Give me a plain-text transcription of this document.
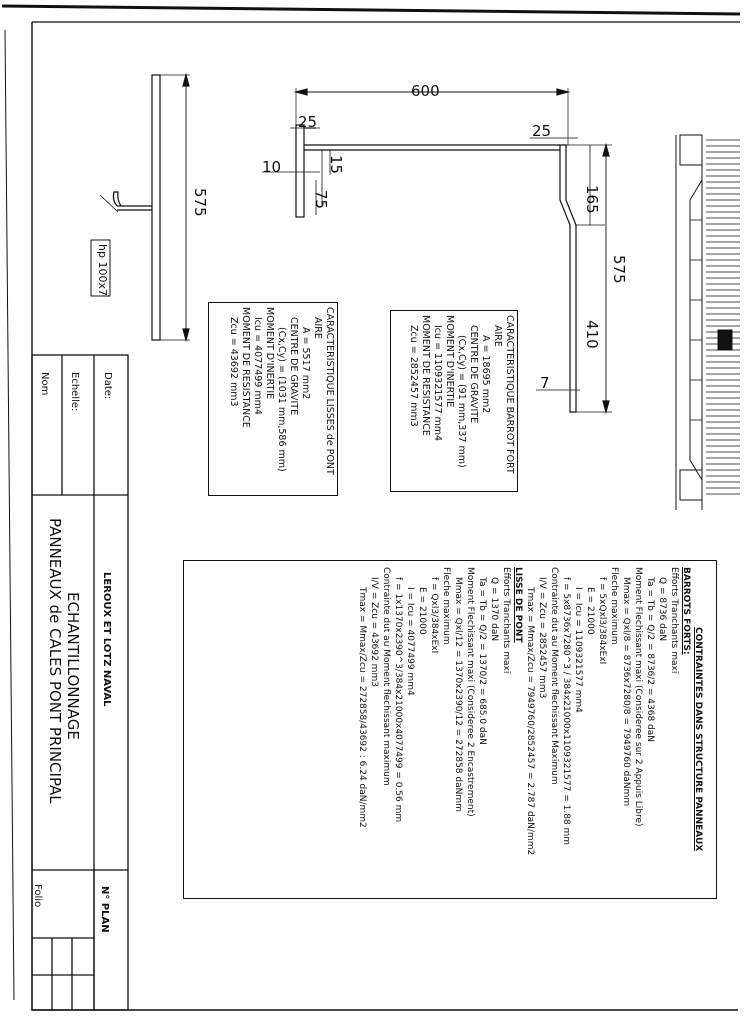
600
25	25
10	15
75	165
575
410
7
575
hp 100x7
CARACTERISTIQUE LISSES de PONT
AIRE
A = 5517 mm2
CENTRE DE GRAVITE
(Cx,Cy) = (1031 mm,586 mm)
MOMENT D'INERTIE
Icu = 4077499 mm4
MOMENT DE RESISTANCE
Zcu = 43692 mm3	CARACTERISTIQUE BARROT FORT
AIRE
A = 18695 mm2
CENTRE DE GRAVITE
(Cx,Cy) = (91 mm,337 mm)
MOMENT D'INERTIE
Icu = 1109321577 mm4
MOMENT DE RESISTANCE
Zcu = 2852457 mm3
CONTRAINTES DANS STRUCTURE PANNEAUX
BARROTS FORTS:
Efforts Tranchants maxi
Q = 8736 daN
Ta = Tb = Q/2 = 8736/2 = 4368 daN
Moment Flechissant maxi (Consideree sur 2 Appuis Libre)
Mmax = Qxl/8 = 8736x7280/8 = 7949760 daNmm
Fleche maximum
f = 5xQxl3/384xExI
E = 21000
I = Icu = 1109321577 mm4
f = 5x8736x7280^3 / 384x21000x1109321577 = 1.88 mm
Contrainte dut au Moment flechissant Maximum
I/V = Zcu = 2852457 mm3
Tmax = Mmax/Zcu = 7949760/2852457 = 2.787 daN/mm2
LISSE DE PONT
Efforts Tranchants maxi
Q = 1370 daN
Ta = Tb = Q/2 = 1370/2 = 685.0 daN
Moment Flechissant maxi (Consideree 2 Encastrement)
Mmax = Qxl/12 = 1370x2390/12 = 272858 daNmm
Fleche maximum
f = Qxl3/384xExI
E = 21000
I = Icu = 4077499 mm4
f = 1x1370x2390^3/384x21000x4077499 = 0.56 mm
Contrainte dut au Moment flechissant maximum
I/V = Zcu = 43692 mm3
Tmax = Mmax/Zcu = 272858/43692 : 6.24 daN/mm2
Date:
Echelle:
Nom
LEROUX ET LOTZ NAVAL
ECHANTILLONNAGE
PANNEAUX de CALES PONT PRINCIPAL
N° PLAN
Folio
